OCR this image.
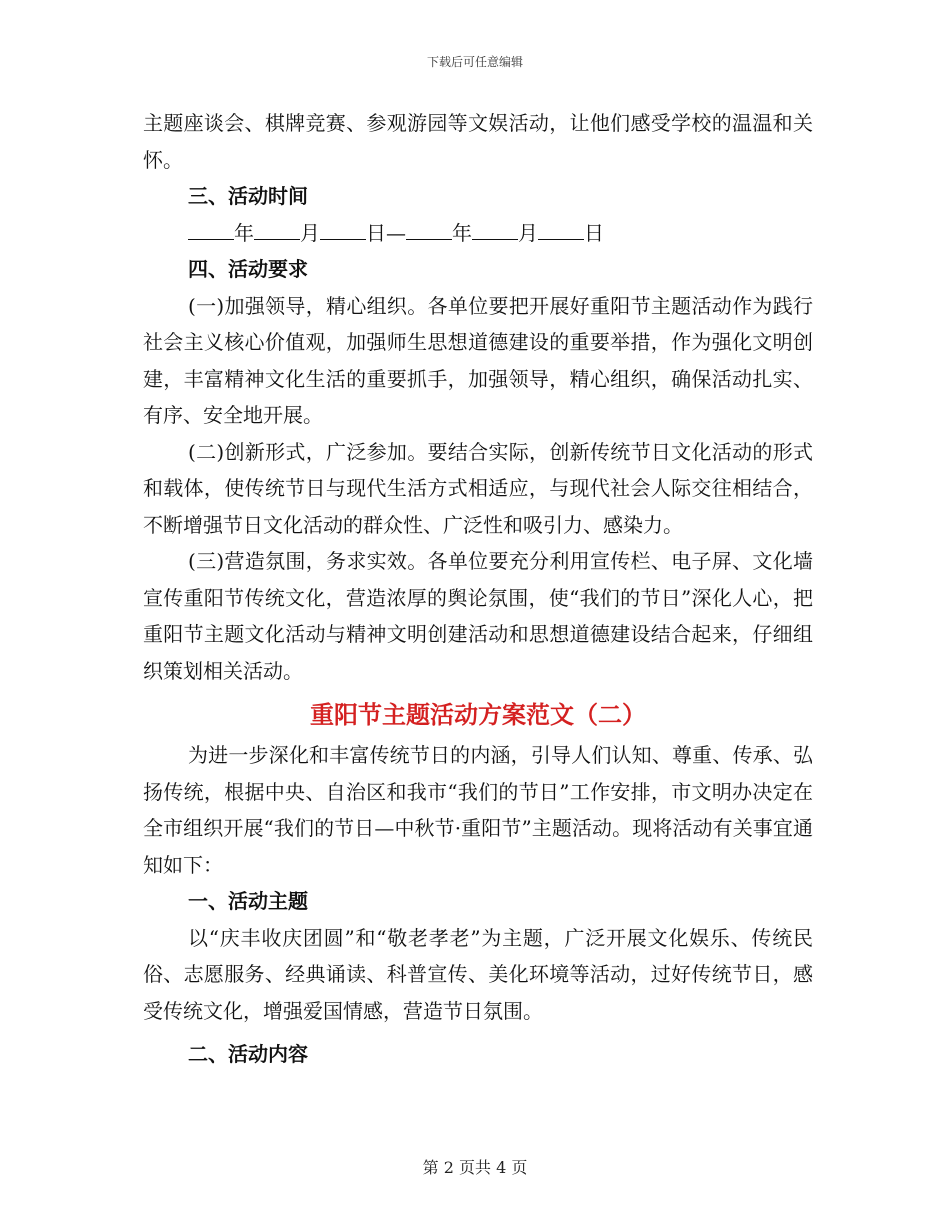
下载后可任意编辑

主题座谈会、棋牌竞赛、参观游园等文娱活动，让他们感受学校的温温和关怀。

三、活动时间

年 月 日— 年 月 日

四、活动要求

(一)加强领导，精心组织。各单位要把开展好重阳节主题活动作为践行社会主义核心价值观，加强师生思想道德建设的重要举措，作为强化文明创建，丰富精神文化生活的重要抓手，加强领导，精心组织，确保活动扎实、有序、安全地开展。

(二)创新形式，广泛参加。要结合实际，创新传统节日文化活动的形式和载体，使传统节日与现代生活方式相适应，与现代社会人际交往相结合，不断增强节日文化活动的群众性、广泛性和吸引力、感染力。

(三)营造氛围，务求实效。各单位要充分利用宣传栏、电子屏、文化墙宣传重阳节传统文化，营造浓厚的舆论氛围，使“我们的节日”深化人心，把重阳节主题文化活动与精神文明创建活动和思想道德建设结合起来，仔细组织策划相关活动。

重阳节主题活动方案范文（二）

为进一步深化和丰富传统节日的内涵，引导人们认知、尊重、传承、弘扬传统，根据中央、自治区和我市“我们的节日”工作安排，市文明办决定在全市组织开展“我们的节日—中秋节·重阳节”主题活动。现将活动有关事宜通知如下：

一、活动主题

以“庆丰收庆团圆”和“敬老孝老”为主题，广泛开展文化娱乐、传统民俗、志愿服务、经典诵读、科普宣传、美化环境等活动，过好传统节日，感受传统文化，增强爱国情感，营造节日氛围。

二、活动内容

第 2 页共 4 页
